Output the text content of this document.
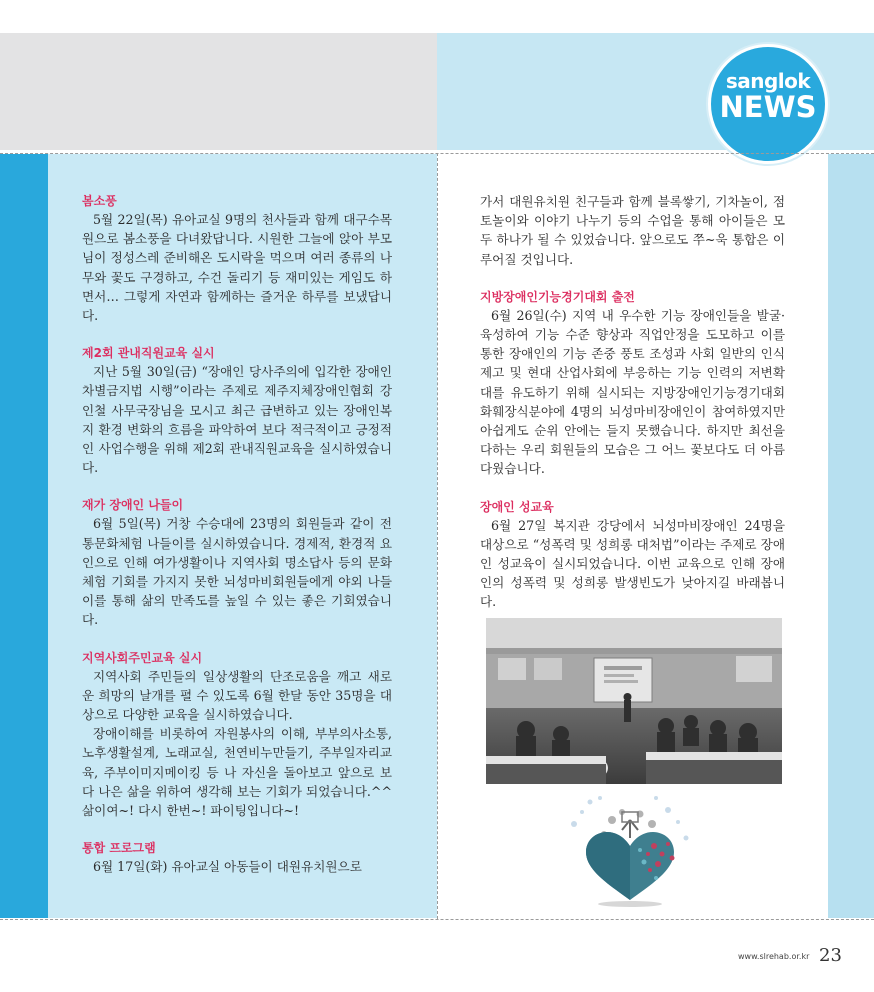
sanglok
NEWS

봄소풍

5월 22일(목) 유아교실 9명의 천사들과 함께 대구수목원으로 봄소풍을 다녀왔답니다. 시원한 그늘에 앉아 부모님이 정성스레 준비해온 도시락을 먹으며 여러 종류의 나무와 꽃도 구경하고, 수건 돌리기 등 재미있는 게임도 하면서… 그렇게 자연과 함께하는 즐거운 하루를 보냈답니다.

제2회 관내직원교육 실시

지난 5월 30일(금) “장애인 당사주의에 입각한 장애인차별금지법 시행”이라는 주제로 제주지체장애인협회 강인철 사무국장님을 모시고 최근 급변하고 있는 장애인복지 환경 변화의 흐름을 파악하여 보다 적극적이고 긍정적인 사업수행을 위해 제2회 관내직원교육을 실시하였습니다.

재가 장애인 나들이

6월 5일(목) 거창 수승대에 23명의 회원들과 같이 전통문화체험 나들이를 실시하였습니다. 경제적, 환경적 요인으로 인해 여가생활이나 지역사회 명소답사 등의 문화체험 기회를 가지지 못한 뇌성마비회원들에게 야외 나들이를 통해 삶의 만족도를 높일 수 있는 좋은 기회였습니다.

지역사회주민교육 실시

지역사회 주민들의 일상생활의 단조로움을 깨고 새로운 희망의 날개를 펼 수 있도록 6월 한달 동안 35명을 대상으로 다양한 교육을 실시하였습니다.

장애이해를 비롯하여 자원봉사의 이해, 부부의사소통, 노후생활설계, 노래교실, 천연비누만들기, 주부일자리교육, 주부이미지메이킹 등 나 자신을 돌아보고 앞으로 보다 나은 삶을 위하여 생각해 보는 기회가 되었습니다.^^ 삶이여~! 다시 한번~! 파이팅입니다~!

통합 프로그램

6월 17일(화) 유아교실 아동들이 대원유치원으로

가서 대원유치원 친구들과 함께 블록쌓기, 기차놀이, 점토놀이와 이야기 나누기 등의 수업을 통해 아이들은 모두 하나가 될 수 있었습니다. 앞으로도 쭈~욱 통합은 이루어질 것입니다.

지방장애인기능경기대회 출전

6월 26일(수) 지역 내 우수한 기능 장애인들을 발굴·육성하여 기능 수준 향상과 직업안정을 도모하고 이를 통한 장애인의 기능 존중 풍토 조성과 사회 일반의 인식제고 및 현대 산업사회에 부응하는 기능 인력의 저변확대를 유도하기 위해 실시되는 지방장애인기능경기대회 화훼장식분야에 4명의 뇌성마비장애인이 참여하였지만 아쉽게도 순위 안에는 들지 못했습니다. 하지만 최선을 다하는 우리 회원들의 모습은 그 어느 꽃보다도 더 아름다웠습니다.

장애인 성교육

6월 27일 복지관 강당에서 뇌성마비장애인 24명을 대상으로 “성폭력 및 성희롱 대처법”이라는 주제로 장애인 성교육이 실시되었습니다. 이번 교육으로 인해 장애인의 성폭력 및 성희롱 발생빈도가 낮아지길 바래봅니다.

www.slrehab.or.kr 23
